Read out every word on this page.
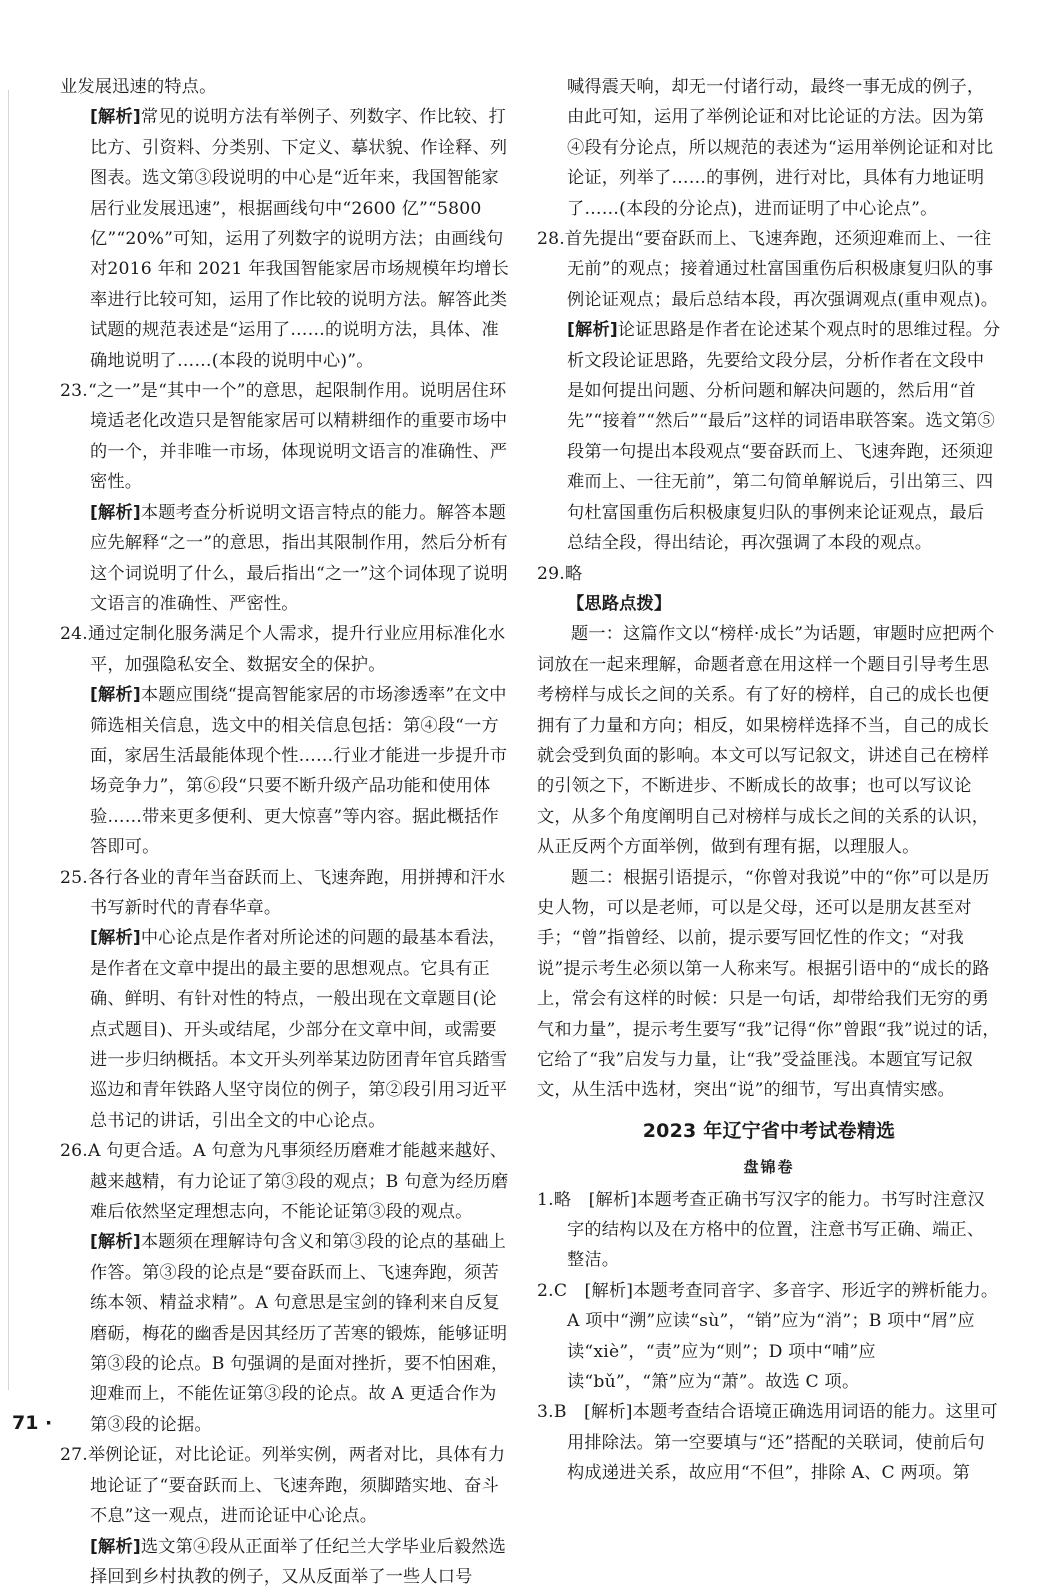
业发展迅速的特点。

[解析]常见的说明方法有举例子、列数字、作比较、打比方、引资料、分类别、下定义、摹状貌、作诠释、列图表。选文第③段说明的中心是“近年来，我国智能家居行业发展迅速”，根据画线句中“2600 亿”“5800 亿”“20%”可知，运用了列数字的说明方法；由画线句对2016 年和 2021 年我国智能家居市场规模年均增长率进行比较可知，运用了作比较的说明方法。解答此类试题的规范表述是“运用了……的说明方法，具体、准确地说明了……(本段的说明中心)”。

23.“之一”是“其中一个”的意思，起限制作用。说明居住环境适老化改造只是智能家居可以精耕细作的重要市场中的一个，并非唯一市场，体现说明文语言的准确性、严密性。

[解析]本题考查分析说明文语言特点的能力。解答本题应先解释“之一”的意思，指出其限制作用，然后分析有这个词说明了什么，最后指出“之一”这个词体现了说明文语言的准确性、严密性。

24.通过定制化服务满足个人需求，提升行业应用标准化水平，加强隐私安全、数据安全的保护。

[解析]本题应围绕“提高智能家居的市场渗透率”在文中筛选相关信息，选文中的相关信息包括：第④段“一方面，家居生活最能体现个性……行业才能进一步提升市场竞争力”，第⑥段“只要不断升级产品功能和使用体验……带来更多便利、更大惊喜”等内容。据此概括作答即可。

25.各行各业的青年当奋跃而上、飞速奔跑，用拼搏和汗水书写新时代的青春华章。

[解析]中心论点是作者对所论述的问题的最基本看法，是作者在文章中提出的最主要的思想观点。它具有正确、鲜明、有针对性的特点，一般出现在文章题目(论点式题目)、开头或结尾，少部分在文章中间，或需要进一步归纳概括。本文开头列举某边防团青年官兵踏雪巡边和青年铁路人坚守岗位的例子，第②段引用习近平总书记的讲话，引出全文的中心论点。

26.A 句更合适。A 句意为凡事须经历磨难才能越来越好、越来越精，有力论证了第③段的观点；B 句意为经历磨难后依然坚定理想志向，不能论证第③段的观点。

[解析]本题须在理解诗句含义和第③段的论点的基础上作答。第③段的论点是“要奋跃而上、飞速奔跑，须苦练本领、精益求精”。A 句意思是宝剑的锋利来自反复磨砺，梅花的幽香是因其经历了苦寒的锻炼，能够证明第③段的论点。B 句强调的是面对挫折，要不怕困难，迎难而上，不能佐证第③段的论点。故 A 更适合作为第③段的论据。

27.举例论证，对比论证。列举实例，两者对比，具体有力地论证了“要奋跃而上、飞速奔跑，须脚踏实地、奋斗不息”这一观点，进而论证中心论点。

[解析]选文第④段从正面举了任纪兰大学毕业后毅然选择回到乡村执教的例子，又从反面举了一些人口号

喊得震天响，却无一付诸行动，最终一事无成的例子，由此可知，运用了举例论证和对比论证的方法。因为第④段有分论点，所以规范的表述为“运用举例论证和对比论证，列举了……的事例，进行对比，具体有力地证明了……(本段的分论点)，进而证明了中心论点”。

28.首先提出“要奋跃而上、飞速奔跑，还须迎难而上、一往无前”的观点；接着通过杜富国重伤后积极康复归队的事例论证观点；最后总结本段，再次强调观点(重申观点)。

[解析]论证思路是作者在论述某个观点时的思维过程。分析文段论证思路，先要给文段分层，分析作者在文段中是如何提出问题、分析问题和解决问题的，然后用“首先”“接着”“然后”“最后”这样的词语串联答案。选文第⑤段第一句提出本段观点“要奋跃而上、飞速奔跑，还须迎难而上、一往无前”，第二句简单解说后，引出第三、四句杜富国重伤后积极康复归队的事例来论证观点，最后总结全段，得出结论，再次强调了本段的观点。

29.略

【思路点拨】

题一：这篇作文以“榜样·成长”为话题，审题时应把两个词放在一起来理解，命题者意在用这样一个题目引导考生思考榜样与成长之间的关系。有了好的榜样，自己的成长也便拥有了力量和方向；相反，如果榜样选择不当，自己的成长就会受到负面的影响。本文可以写记叙文，讲述自己在榜样的引领之下，不断进步、不断成长的故事；也可以写议论文，从多个角度阐明自己对榜样与成长之间的关系的认识，从正反两个方面举例，做到有理有据，以理服人。

题二：根据引语提示，“你曾对我说”中的“你”可以是历史人物，可以是老师，可以是父母，还可以是朋友甚至对手；“曾”指曾经、以前，提示要写回忆性的作文；“对我说”提示考生必须以第一人称来写。根据引语中的“成长的路上，常会有这样的时候：只是一句话，却带给我们无穷的勇气和力量”，提示考生要写“我”记得“你”曾跟“我”说过的话，它给了“我”启发与力量，让“我”受益匪浅。本题宜写记叙文，从生活中选材，突出“说”的细节，写出真情实感。

2023 年辽宁省中考试卷精选
盘锦卷

1.略　[解析]本题考查正确书写汉字的能力。书写时注意汉字的结构以及在方格中的位置，注意书写正确、端正、整洁。

2.C　[解析]本题考查同音字、多音字、形近字的辨析能力。A 项中“溯”应读“sù”，“销”应为“消”；B 项中“屑”应读“xiè”，“责”应为“则”；D 项中“哺”应读“bǔ”，“箫”应为“萧”。故选 C 项。

3.B　[解析]本题考查结合语境正确选用词语的能力。这里可用排除法。第一空要填与“还”搭配的关联词，使前后句构成递进关系，故应用“不但”，排除 A、C 两项。第

71 ·
